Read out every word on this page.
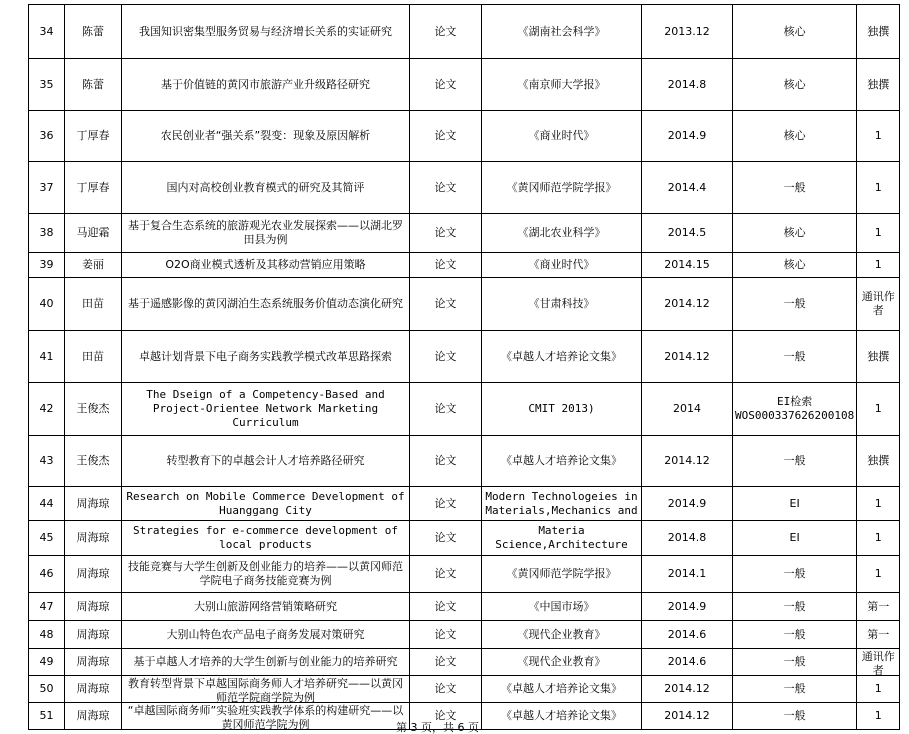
34	陈蕾	我国知识密集型服务贸易与经济增长关系的实证研究	论文	《湖南社会科学》	2013.12	核心	独撰
35	陈蕾	基于价值链的黄冈市旅游产业升级路径研究	论文	《南京师大学报》	2014.8	核心	独撰
36	丁厚春	农民创业者“强关系”裂变：现象及原因解析	论文	《商业时代》	2014.9	核心	1
37	丁厚春	国内对高校创业教育模式的研究及其简评	论文	《黄冈师范学院学报》	2014.4	一般	1
38	马迎霜	基于复合生态系统的旅游观光农业发展探索——以湖北罗田县为例	论文	《湖北农业科学》	2014.5	核心	1
39	姜丽	O2O商业模式透析及其移动营销应用策略	论文	《商业时代》	2014.15	核心	1
40	田苗	基于遥感影像的黄冈湖泊生态系统服务价值动态演化研究	论文	《甘肃科技》	2014.12	一般	通讯作者
41	田苗	卓越计划背景下电子商务实践教学模式改革思路探索	论文	《卓越人才培养论文集》	2014.12	一般	独撰
42	王俊杰	The Dseign of a Competency-Based and Project-Orientee Network Marketing Curriculum	论文	CMIT 2013)	2014	EI检索 WOS000337626200108	1
43	王俊杰	转型教育下的卓越会计人才培养路径研究	论文	《卓越人才培养论文集》	2014.12	一般	独撰
44	周海琼	Research on Mobile Commerce Development of Huanggang City	论文	Modern Technologeies in Materials,Mechanics and	2014.9	EI	1
45	周海琼	Strategies for e-commerce development of local products	论文	Materia Science,Architecture	2014.8	EI	1
46	周海琼	技能竞赛与大学生创新及创业能力的培养——以黄冈师范学院电子商务技能竞赛为例	论文	《黄冈师范学院学报》	2014.1	一般	1
47	周海琼	大别山旅游网络营销策略研究	论文	《中国市场》	2014.9	一般	第一
48	周海琼	大别山特色农产品电子商务发展对策研究	论文	《现代企业教育》	2014.6	一般	第一
49	周海琼	基于卓越人才培养的大学生创新与创业能力的培养研究	论文	《现代企业教育》	2014.6	一般	通讯作者

50	周海琼	教育转型背景下卓越国际商务师人才培养研究——以黄冈师范学院商学院为例	论文	《卓越人才培养论文集》	2014.12	一般	1
51	周海琼	“卓越国际商务师”实验班实践教学体系的构建研究——以黄冈师范学院为例	论文	《卓越人才培养论文集》	2014.12	一般	1
第 3 页，共 6 页
